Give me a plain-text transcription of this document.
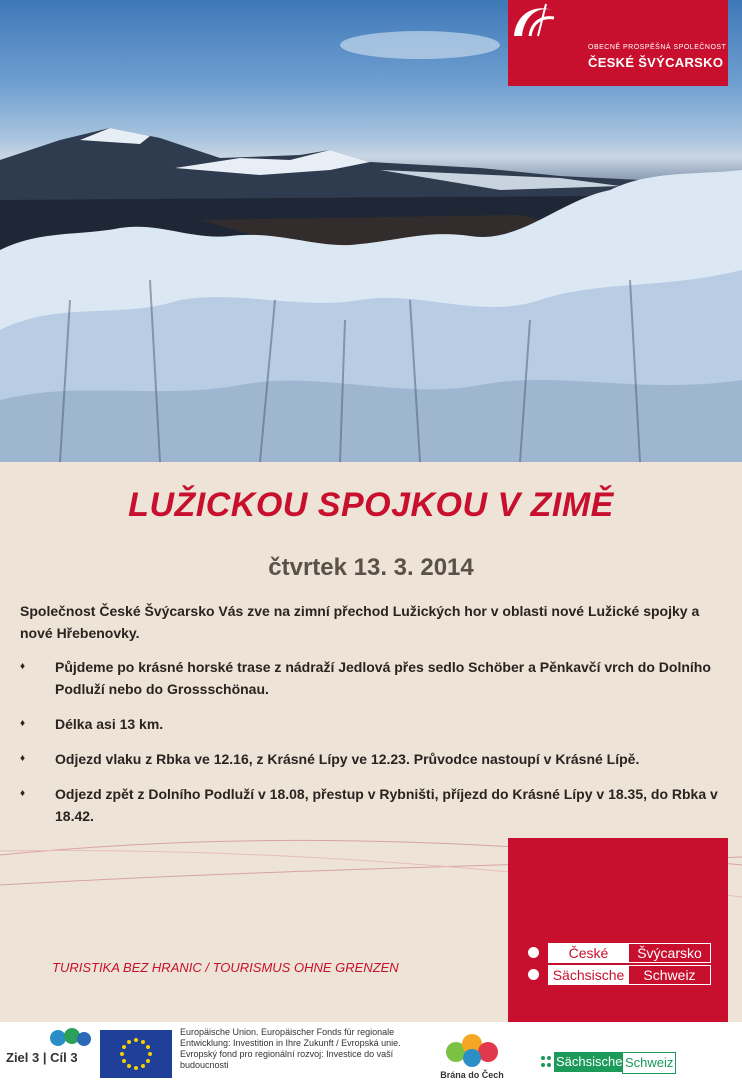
OBECNĚ PROSPĚŠNÁ SPOLEČNOST
ČESKÉ ŠVÝCARSKO
LUŽICKOU SPOJKOU V ZIMĚ
čtvrtek 13. 3. 2014
Společnost České Švýcarsko Vás zve na zimní přechod Lužických hor v oblasti nové Lužické spojky a nové Hřebenovky.
♦ Půjdeme po krásné horské trase z nádraží Jedlová přes sedlo Schöber a Pěnkavčí vrch do Dolního Podluží nebo do Grossschönau.
♦ Délka asi 13 km.
♦ Odjezd vlaku z Rbka ve 12.16, z Krásné Lípy ve 12.23. Průvodce nastoupí v Krásné Lípě.
♦ Odjezd zpět z Dolního Podluží v 18.08, přestup v Rybništi, příjezd do Krásné Lípy v 18.35, do Rbka v 18.42.
České	Švýcarsko
Sächsische	Schweiz
TURISTIKA BEZ HRANIC / TOURISMUS OHNE GRENZEN
Ziel 3 | Cíl 3
Europäische Union. Europäischer Fonds für regionale Entwicklung: Investition in Ihre Zukunft / Evropská unie. Evropský fond pro regionální rozvoj: Investice do vaší budoucnosti
Brána do Čech
Sächsische Schweiz
